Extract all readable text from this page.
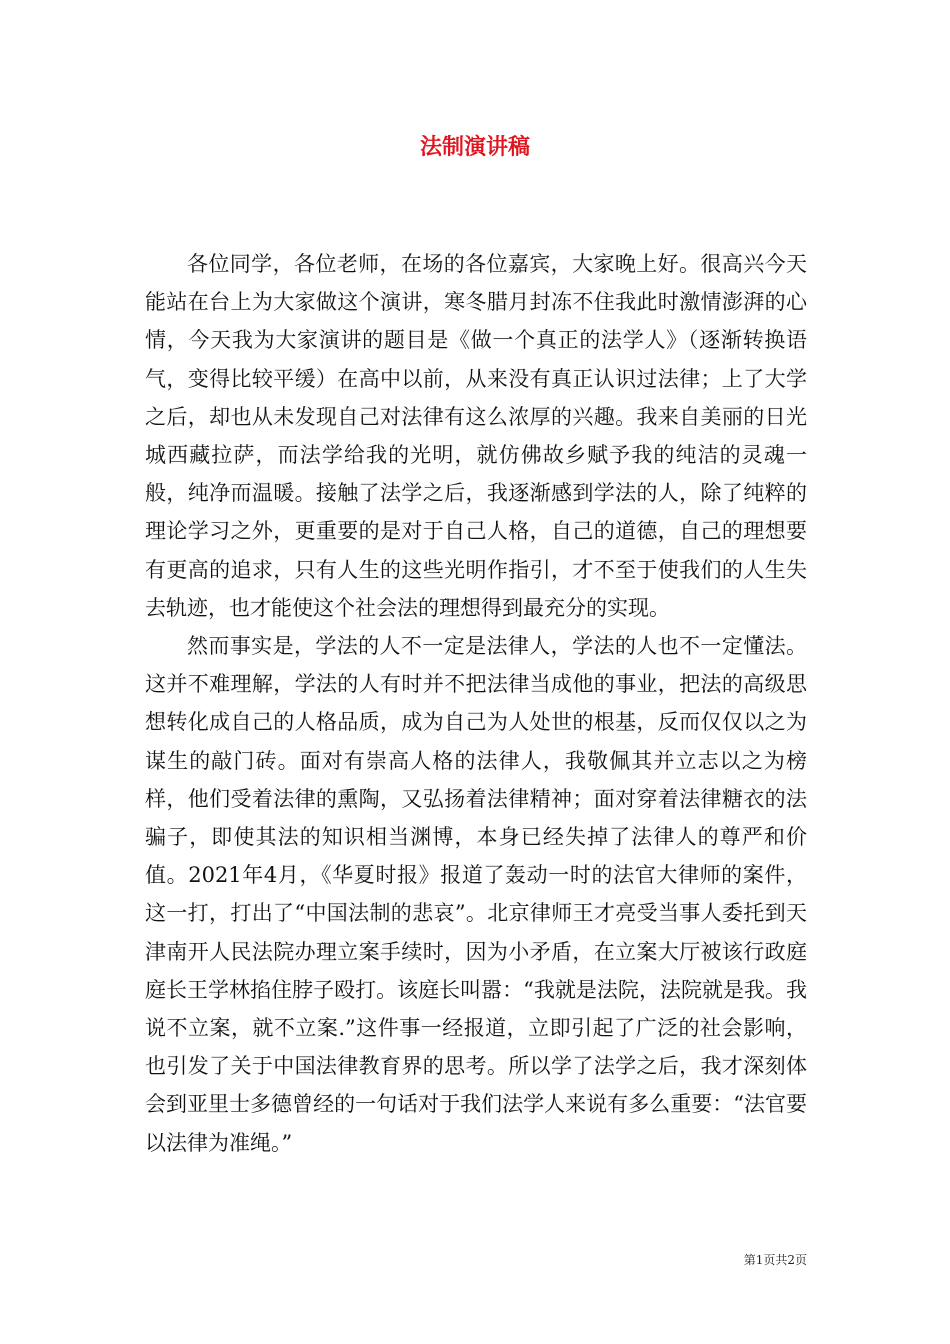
法制演讲稿

各位同学，各位老师，在场的各位嘉宾，大家晚上好。很高兴今天能站在台上为大家做这个演讲，寒冬腊月封冻不住我此时激情澎湃的心情，今天我为大家演讲的题目是《做一个真正的法学人》（逐渐转换语气，变得比较平缓）在高中以前，从来没有真正认识过法律；上了大学之后，却也从未发现自己对法律有这么浓厚的兴趣。我来自美丽的日光城西藏拉萨，而法学给我的光明，就仿佛故乡赋予我的纯洁的灵魂一般，纯净而温暖。接触了法学之后，我逐渐感到学法的人，除了纯粹的理论学习之外，更重要的是对于自己人格，自己的道德，自己的理想要有更高的追求，只有人生的这些光明作指引，才不至于使我们的人生失去轨迹，也才能使这个社会法的理想得到最充分的实现。

然而事实是，学法的人不一定是法律人，学法的人也不一定懂法。这并不难理解，学法的人有时并不把法律当成他的事业，把法的高级思想转化成自己的人格品质，成为自己为人处世的根基，反而仅仅以之为谋生的敲门砖。面对有崇高人格的法律人，我敬佩其并立志以之为榜样，他们受着法律的熏陶，又弘扬着法律精神；面对穿着法律糖衣的法骗子，即使其法的知识相当渊博，本身已经失掉了法律人的尊严和价值。2021年4月，《华夏时报》报道了轰动一时的法官大律师的案件，这一打，打出了“中国法制的悲哀”。北京律师王才亮受当事人委托到天津南开人民法院办理立案手续时，因为小矛盾，在立案大厅被该行政庭庭长王学林掐住脖子殴打。该庭长叫嚣：“我就是法院，法院就是我。我说不立案，就不立案.”这件事一经报道，立即引起了广泛的社会影响，也引发了关于中国法律教育界的思考。所以学了法学之后，我才深刻体会到亚里士多德曾经的一句话对于我们法学人来说有多么重要：“法官要以法律为准绳。”

第1页共2页
